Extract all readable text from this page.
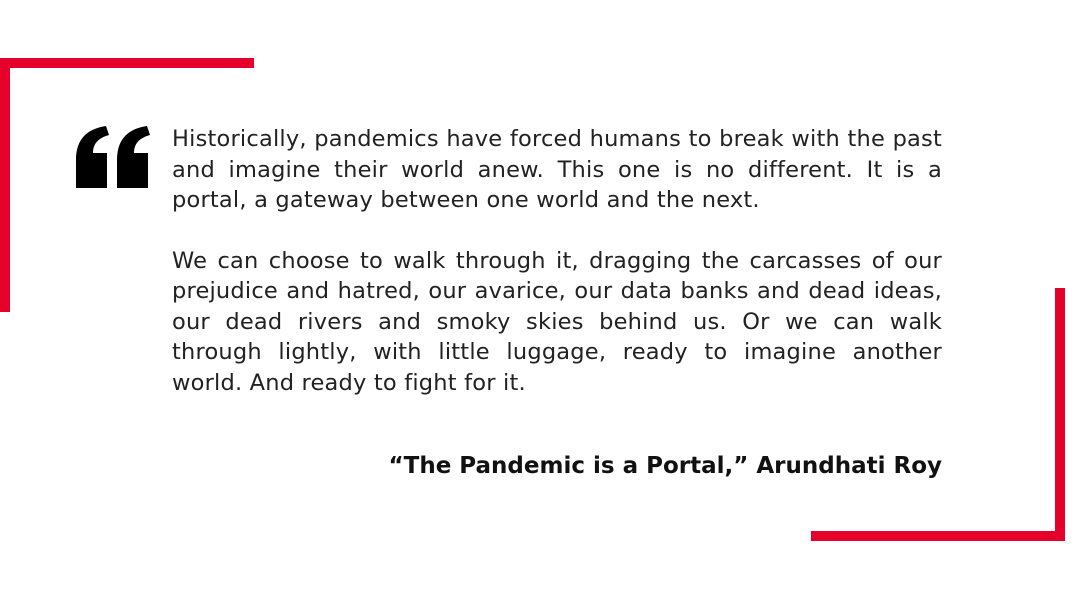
Historically, pandemics have forced humans to break with the past and imagine their world anew. This one is no different. It is a portal, a gateway between one world and the next.

We can choose to walk through it, dragging the carcasses of our prejudice and hatred, our avarice, our data banks and dead ideas, our dead rivers and smoky skies behind us. Or we can walk through lightly, with little luggage, ready to imagine another world. And ready to fight for it.

“The Pandemic is a Portal,” Arundhati Roy
